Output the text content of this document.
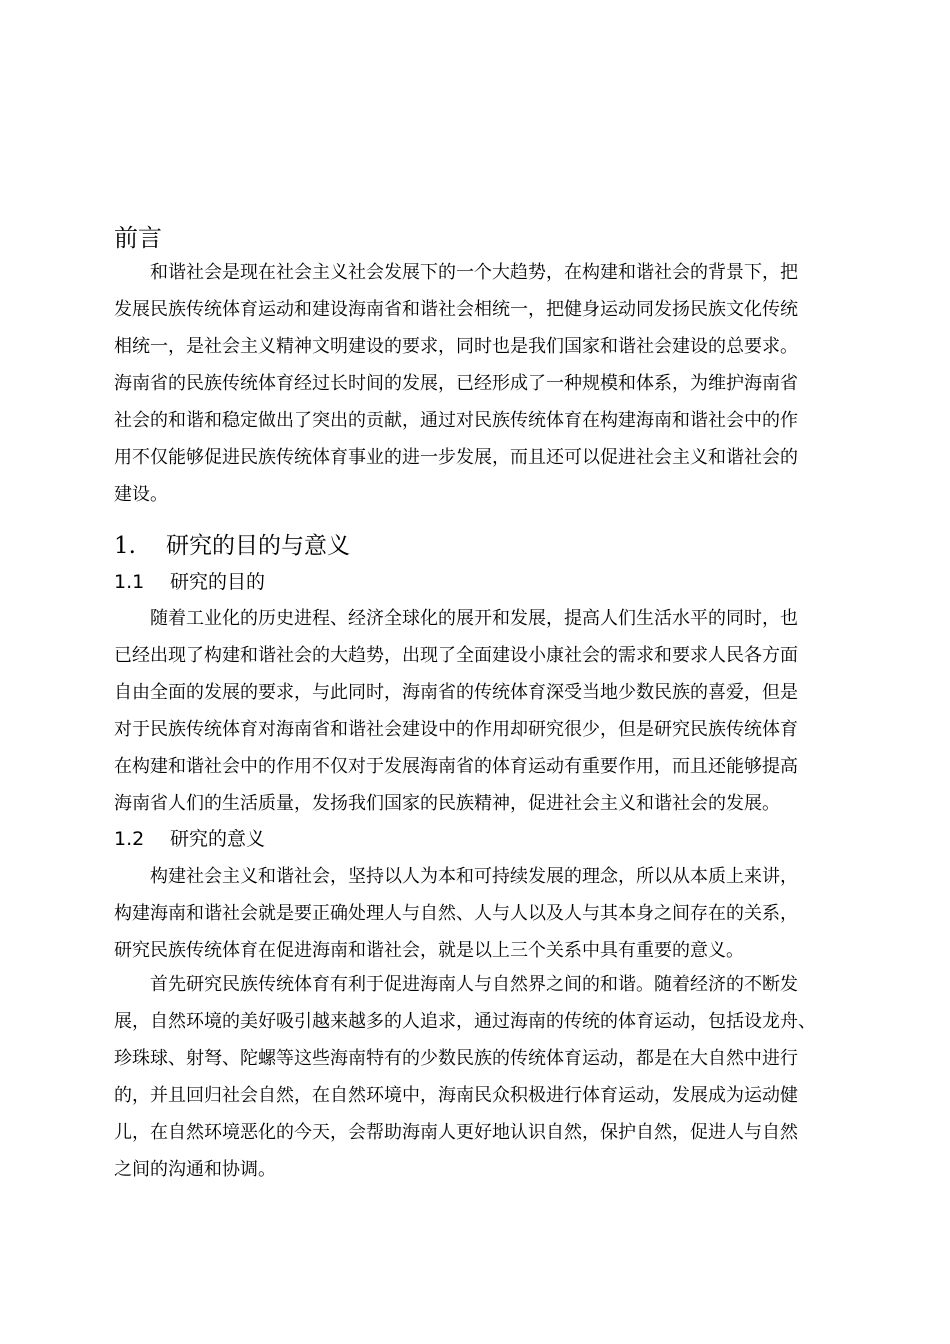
前言
　　和谐社会是现在社会主义社会发展下的一个大趋势，在构建和谐社会的背景下，把
发展民族传统体育运动和建设海南省和谐社会相统一，把健身运动同发扬民族文化传统
相统一，是社会主义精神文明建设的要求，同时也是我们国家和谐社会建设的总要求。
海南省的民族传统体育经过长时间的发展，已经形成了一种规模和体系，为维护海南省
社会的和谐和稳定做出了突出的贡献，通过对民族传统体育在构建海南和谐社会中的作
用不仅能够促进民族传统体育事业的进一步发展，而且还可以促进社会主义和谐社会的
建设。
1. 研究的目的与意义
1.1 研究的目的
　　随着工业化的历史进程、经济全球化的展开和发展，提高人们生活水平的同时，也
已经出现了构建和谐社会的大趋势，出现了全面建设小康社会的需求和要求人民各方面
自由全面的发展的要求，与此同时，海南省的传统体育深受当地少数民族的喜爱，但是
对于民族传统体育对海南省和谐社会建设中的作用却研究很少，但是研究民族传统体育
在构建和谐社会中的作用不仅对于发展海南省的体育运动有重要作用，而且还能够提高
海南省人们的生活质量，发扬我们国家的民族精神，促进社会主义和谐社会的发展。
1.2 研究的意义
　　构建社会主义和谐社会，坚持以人为本和可持续发展的理念，所以从本质上来讲，
构建海南和谐社会就是要正确处理人与自然、人与人以及人与其本身之间存在的关系，
研究民族传统体育在促进海南和谐社会，就是以上三个关系中具有重要的意义。
　　首先研究民族传统体育有利于促进海南人与自然界之间的和谐。随着经济的不断发
展，自然环境的美好吸引越来越多的人追求，通过海南的传统的体育运动，包括设龙舟、
珍珠球、射弩、陀螺等这些海南特有的少数民族的传统体育运动，都是在大自然中进行
的，并且回归社会自然，在自然环境中，海南民众积极进行体育运动，发展成为运动健
儿，在自然环境恶化的今天，会帮助海南人更好地认识自然，保护自然，促进人与自然
之间的沟通和协调。
